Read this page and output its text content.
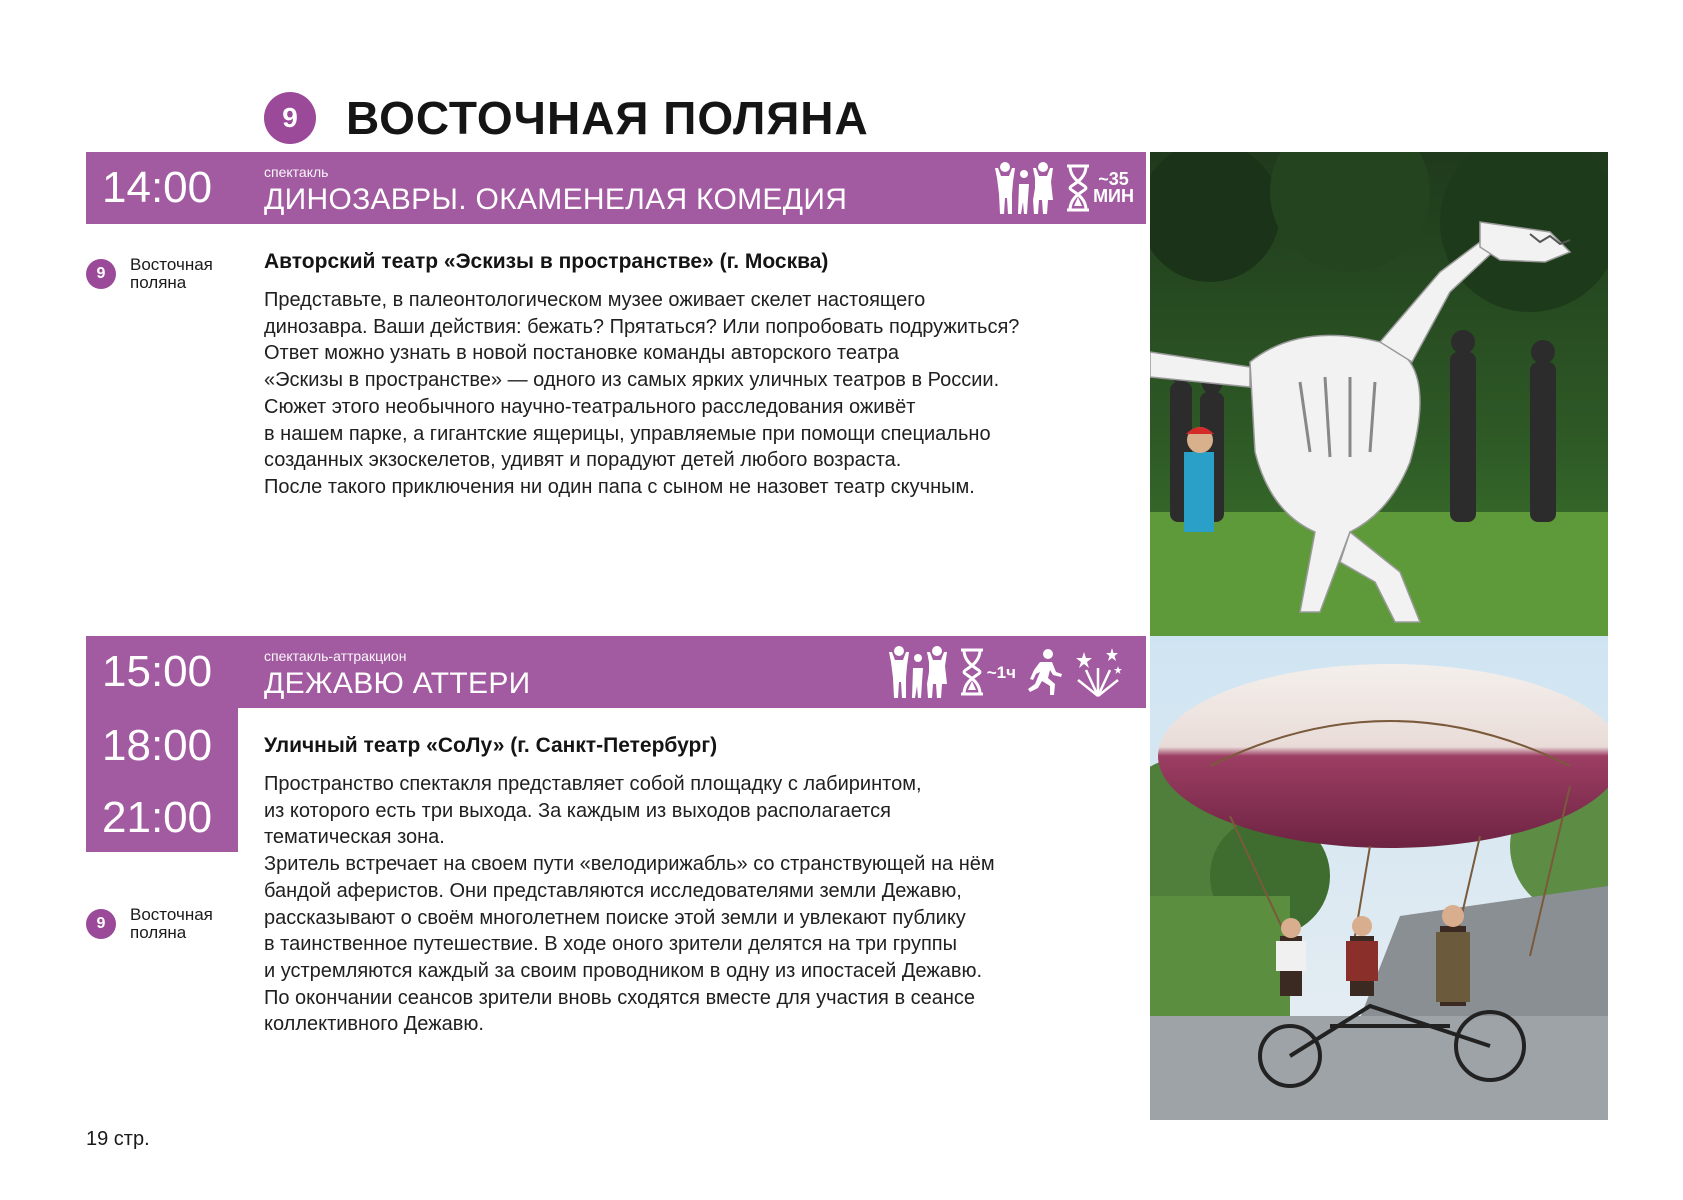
9	ВОСТОЧНАЯ ПОЛЯНА
14:00	спектакль
ДИНОЗАВРЫ. ОКАМЕНЕЛАЯ КОМЕДИЯ
~35
МИН
9	Восточная
поляна
Авторский театр «Эскизы в пространстве» (г. Москва)

Представьте, в палеонтологическом музее оживает скелет настоящего

динозавра. Ваши действия: бежать? Прятаться? Или попробовать подружиться?

Ответ можно узнать в новой постановке команды авторского театра

«Эскизы в пространстве» — одного из самых ярких уличных театров в России.

Сюжет этого необычного научно-театрального расследования оживёт

в нашем парке, а гигантские ящерицы, управляемые при помощи специально

созданных экзоскелетов, удивят и порадуют детей любого возраста.

После такого приключения ни один папа с сыном не назовет театр скучным.

15:00	спектакль-аттракцион
ДЕЖАВЮ АТТЕРИ	~1ч
18:00
21:00
9	Восточная
поляна
Уличный театр «СоЛу» (г. Санкт-Петербург)

Пространство спектакля представляет собой площадку с лабиринтом,

из которого есть три выхода. За каждым из выходов располагается

тематическая зона.

Зритель встречает на своем пути «велодирижабль» со странствующей на нём

бандой аферистов. Они представляются исследователями земли Дежавю,

рассказывают о своём многолетнем поиске этой земли и увлекают публику

в таинственное путешествие. В ходе оного зрители делятся на три группы

и устремляются каждый за своим проводником в одну из ипостасей Дежавю.

По окончании сеансов зрители вновь сходятся вместе для участия в сеансе

коллективного Дежавю.

19 стр.
